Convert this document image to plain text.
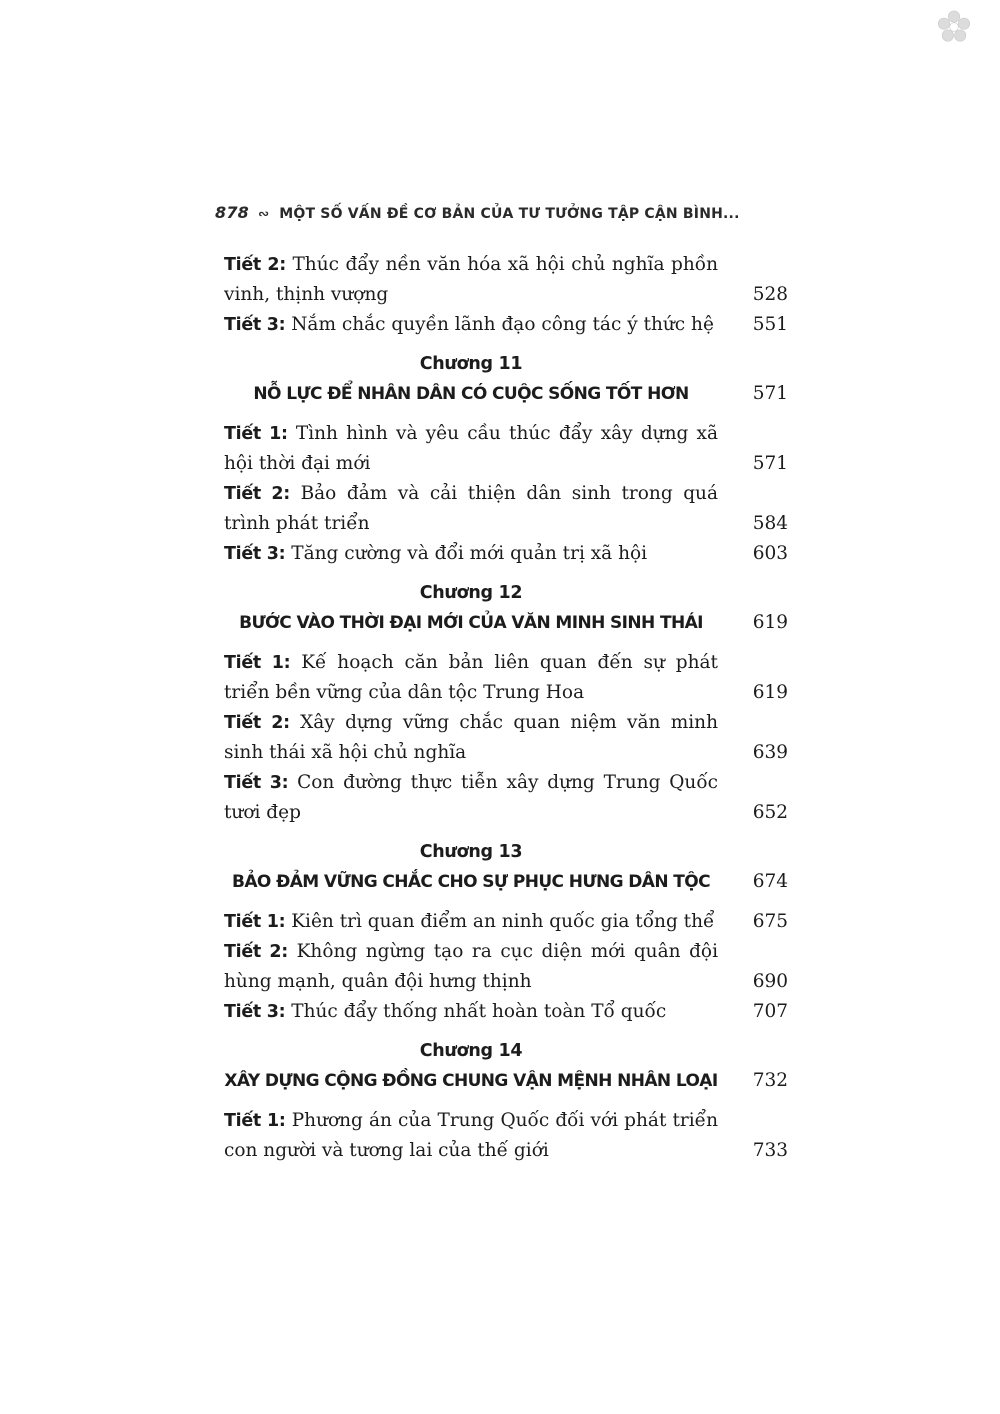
878 ∾ MỘT SỐ VẤN ĐỀ CƠ BẢN CỦA TƯ TƯỞNG TẬP CẬN BÌNH...
Tiết 2: Thúc đẩy nền văn hóa xã hội chủ nghĩa phồn vinh, thịnh vượng	528
Tiết 3: Nắm chắc quyền lãnh đạo công tác ý thức hệ	551
Chương 11
NỖ LỰC ĐỂ NHÂN DÂN CÓ CUỘC SỐNG TỐT HƠN	571
Tiết 1: Tình hình và yêu cầu thúc đẩy xây dựng xã hội thời đại mới	571
Tiết 2: Bảo đảm và cải thiện dân sinh trong quá trình phát triển	584
Tiết 3: Tăng cường và đổi mới quản trị xã hội	603
Chương 12
BƯỚC VÀO THỜI ĐẠI MỚI CỦA VĂN MINH SINH THÁI	619
Tiết 1: Kế hoạch căn bản liên quan đến sự phát triển bền vững của dân tộc Trung Hoa	619
Tiết 2: Xây dựng vững chắc quan niệm văn minh sinh thái xã hội chủ nghĩa	639
Tiết 3: Con đường thực tiễn xây dựng Trung Quốc tươi đẹp	652
Chương 13
BẢO ĐẢM VỮNG CHẮC CHO SỰ PHỤC HƯNG DÂN TỘC	674
Tiết 1: Kiên trì quan điểm an ninh quốc gia tổng thể	675
Tiết 2: Không ngừng tạo ra cục diện mới quân đội hùng mạnh, quân đội hưng thịnh	690
Tiết 3: Thúc đẩy thống nhất hoàn toàn Tổ quốc	707
Chương 14
XÂY DỰNG CỘNG ĐỒNG CHUNG VẬN MỆNH NHÂN LOẠI	732
Tiết 1: Phương án của Trung Quốc đối với phát triển con người và tương lai của thế giới	733
